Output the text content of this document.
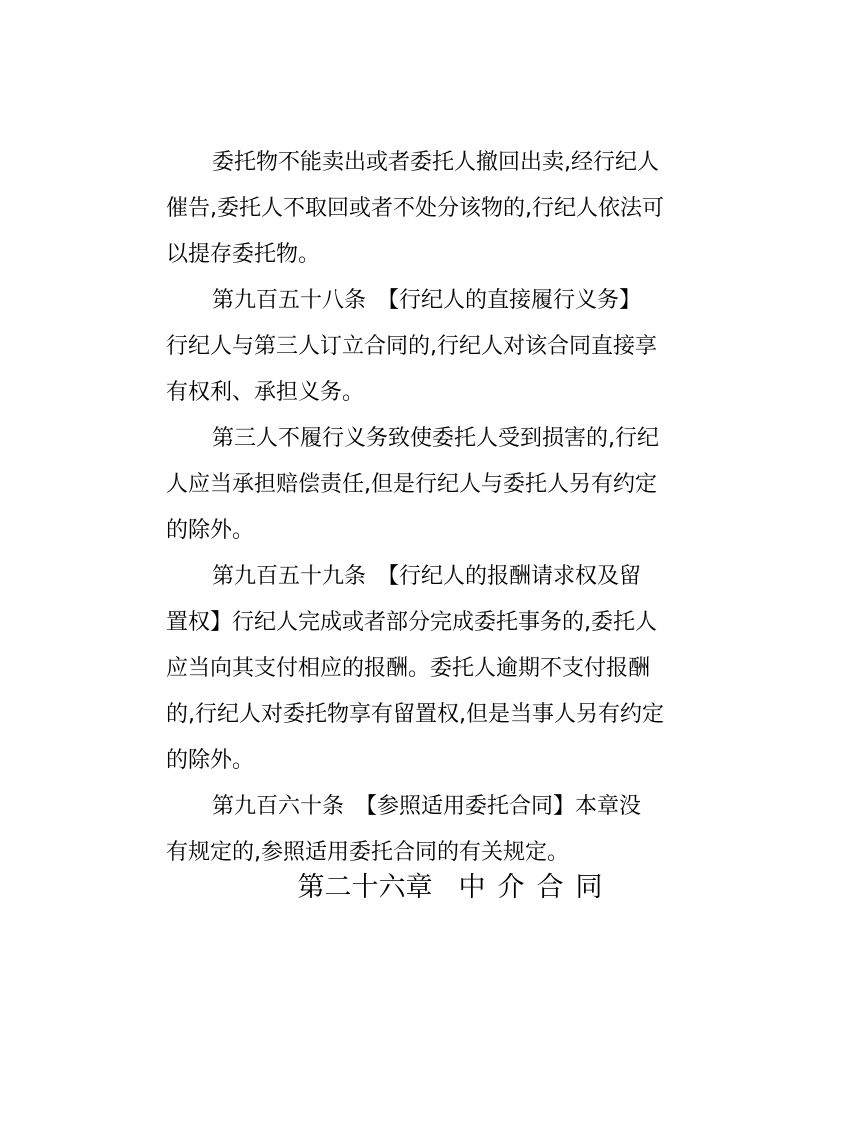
委托物不能卖出或者委托人撤回出卖,经行纪人
催告,委托人不取回或者不处分该物的,行纪人依法可
以提存委托物。
第九百五十八条　【行纪人的直接履行义务】
行纪人与第三人订立合同的,行纪人对该合同直接享
有权利、承担义务。
第三人不履行义务致使委托人受到损害的,行纪
人应当承担赔偿责任,但是行纪人与委托人另有约定
的除外。
第九百五十九条　【行纪人的报酬请求权及留
置权】行纪人完成或者部分完成委托事务的,委托人
应当向其支付相应的报酬。委托人逾期不支付报酬
的,行纪人对委托物享有留置权,但是当事人另有约定
的除外。
第九百六十条　【参照适用委托合同】本章没
有规定的,参照适用委托合同的有关规定。
第二十六章 中介合同
